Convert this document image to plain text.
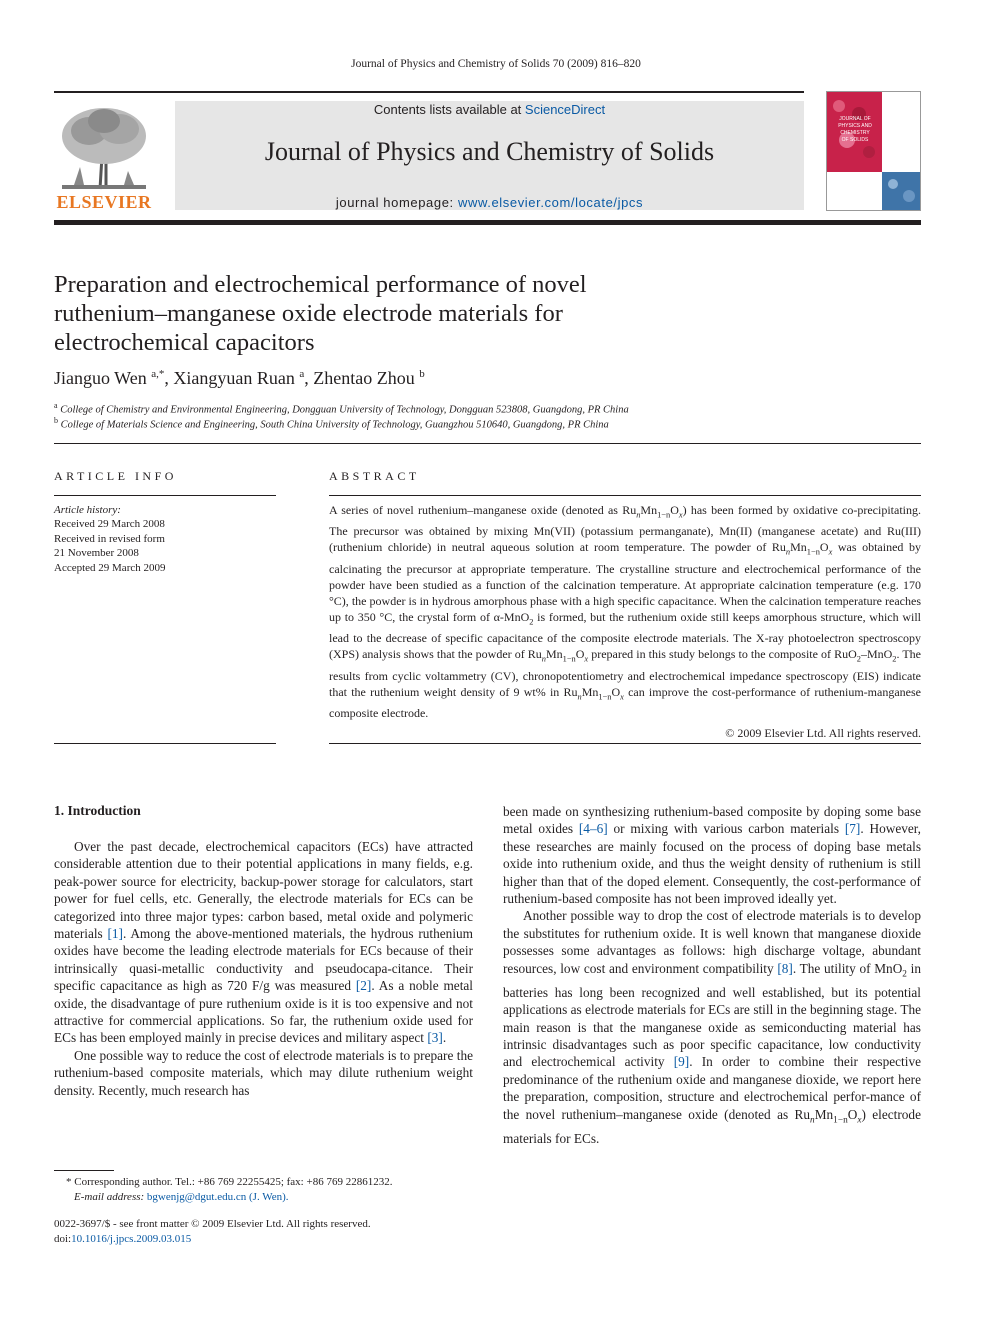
Journal of Physics and Chemistry of Solids 70 (2009) 816–820
ELSEVIER
Contents lists available at ScienceDirect
Journal of Physics and Chemistry of Solids
journal homepage: www.elsevier.com/locate/jpcs
JOURNAL OF
PHYSICS AND
CHEMISTRY
OF SOLIDS
Preparation and electrochemical performance of novel
ruthenium–manganese oxide electrode materials for
electrochemical capacitors
Jianguo Wen $^{a,*}$, Xiangyuan Ruan $^a$, Zhentao Zhou $^b$
$^a$ College of Chemistry and Environmental Engineering, Dongguan University of Technology, Dongguan 523808, Guangdong, PR China
$^b$ College of Materials Science and Engineering, South China University of Technology, Guangzhou 510640, Guangdong, PR China
ARTICLE INFO
Article history:
Received 29 March 2008
Received in revised form
21 November 2008
Accepted 29 March 2009
ABSTRACT
A series of novel ruthenium–manganese oxide (denoted as $Ru_nMn_{1-n}O_x$) has been formed by oxidative co-precipitating. The precursor was obtained by mixing Mn(VII) (potassium permanganate), Mn(II) (manganese acetate) and Ru(III) (ruthenium chloride) in neutral aqueous solution at room temperature. The powder of $Ru_nMn_{1-n}O_x$ was obtained by calcinating the precursor at appropriate temperature. The crystalline structure and electrochemical performance of the powder have been studied as a function of the calcination temperature. At appropriate calcination temperature (e.g. 170 °C), the powder is in hydrous amorphous phase with a high specific capacitance. When the calcination temperature reaches up to 350 °C, the crystal form of α-MnO$_2$ is formed, but the ruthenium oxide still keeps amorphous structure, which will lead to the decrease of specific capacitance of the composite electrode materials. The X-ray photoelectron spectroscopy (XPS) analysis shows that the powder of $Ru_nMn_{1-n}O_x$ prepared in this study belongs to the composite of RuO$_2$–MnO$_2$. The results from cyclic voltammetry (CV), chronopotentiometry and electrochemical impedance spectroscopy (EIS) indicate that the ruthenium weight density of 9 wt% in $Ru_nMn_{1-n}O_x$ can improve the cost-performance of ruthenium-manganese composite electrode.
© 2009 Elsevier Ltd. All rights reserved.
1. Introduction

Over the past decade, electrochemical capacitors (ECs) have attracted considerable attention due to their potential applications in many fields, e.g. peak-power source for electricity, backup-power storage for calculators, start power for fuel cells, etc. Generally, the electrode materials for ECs can be categorized into three major types: carbon based, metal oxide and polymeric materials [1]. Among the above-mentioned materials, the hydrous ruthenium oxides have become the leading electrode materials for ECs because of their intrinsically quasi-metallic conductivity and pseudocapa-citance. Their specific capacitance as high as 720 F/g was measured [2]. As a noble metal oxide, the disadvantage of pure ruthenium oxide is it is too expensive and not attractive for commercial applications. So far, the ruthenium oxide used for ECs has been employed mainly in precise devices and military aspect [3].

One possible way to reduce the cost of electrode materials is to prepare the ruthenium-based composite materials, which may dilute ruthenium weight density. Recently, much research has

been made on synthesizing ruthenium-based composite by doping some base metal oxides [4–6] or mixing with various carbon materials [7]. However, these researches are mainly focused on the process of doping base metals oxide into ruthenium oxide, and thus the weight density of ruthenium is still higher than that of the doped element. Consequently, the cost-performance of ruthenium-based composite has not been improved ideally yet.

Another possible way to drop the cost of electrode materials is to develop the substitutes for ruthenium oxide. It is well known that manganese dioxide possesses some advantages as follows: high discharge voltage, abundant resources, low cost and environment compatibility [8]. The utility of MnO$_2$ in batteries has long been recognized and well established, but its potential applications as electrode materials for ECs are still in the beginning stage. The main reason is that the manganese oxide as semiconducting material has intrinsic disadvantages such as poor specific capacitance, low conductivity and electrochemical activity [9]. In order to combine their respective predominance of the ruthenium oxide and manganese dioxide, we report here the preparation, composition, structure and electrochemical perfor-mance of the novel ruthenium–manganese oxide (denoted as $Ru_nMn_{1-n}O_x$) electrode materials for ECs.

* Corresponding author. Tel.: +86 769 22255425; fax: +86 769 22861232.
E-mail address: bgwenjg@dgut.edu.cn (J. Wen).
0022-3697/$ - see front matter © 2009 Elsevier Ltd. All rights reserved.
doi:10.1016/j.jpcs.2009.03.015
